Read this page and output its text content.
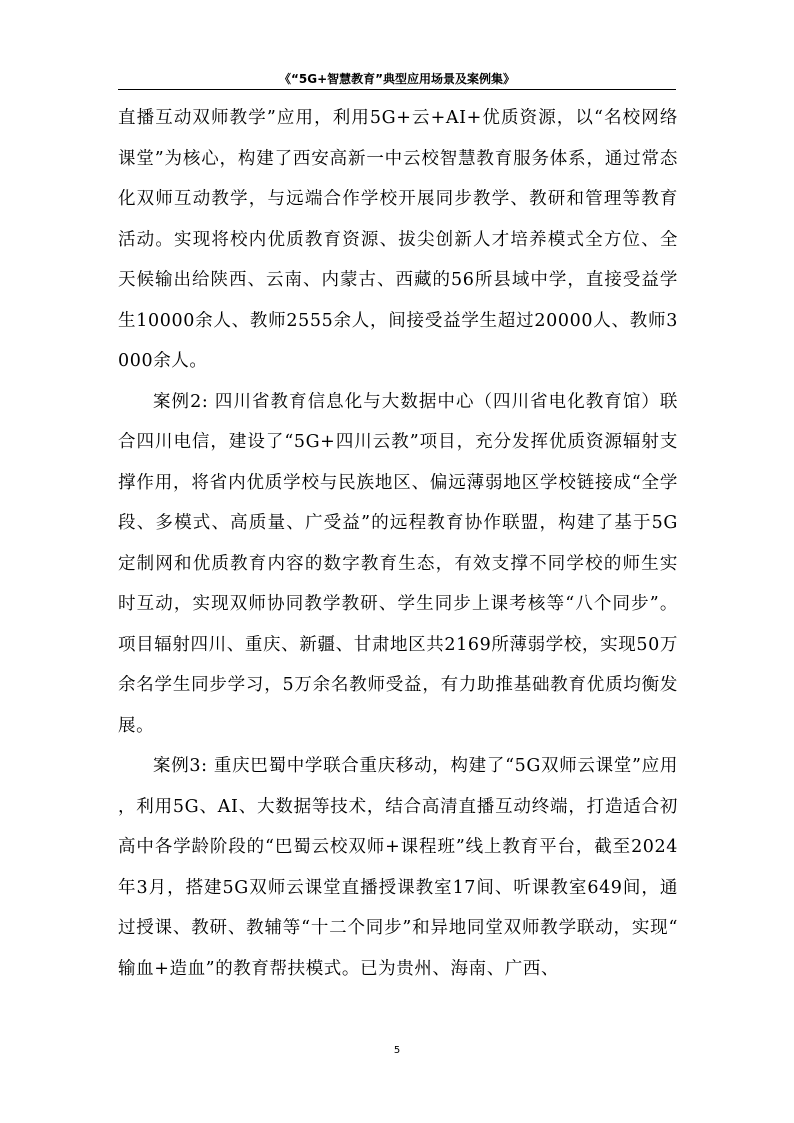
《“5G+智慧教育”典型应用场景及案例集》

直播互动双师教学”应用，利用5G+云+AI+优质资源，以“名校网络课堂”为核心，构建了西安高新一中云校智慧教育服务体系，通过常态化双师互动教学，与远端合作学校开展同步教学、教研和管理等教育活动。实现将校内优质教育资源、拔尖创新人才培养模式全方位、全天候输出给陕西、云南、内蒙古、西藏的56所县域中学，直接受益学生10000余人、教师2555余人，间接受益学生超过20000人、教师3000余人。

案例2: 四川省教育信息化与大数据中心（四川省电化教育馆）联合四川电信，建设了“5G+四川云教”项目，充分发挥优质资源辐射支撑作用，将省内优质学校与民族地区、偏远薄弱地区学校链接成“全学段、多模式、高质量、广受益”的远程教育协作联盟，构建了基于5G定制网和优质教育内容的数字教育生态，有效支撑不同学校的师生实时互动，实现双师协同教学教研、学生同步上课考核等“八个同步”。项目辐射四川、重庆、新疆、甘肃地区共2169所薄弱学校，实现50万余名学生同步学习，5万余名教师受益，有力助推基础教育优质均衡发展。

案例3: 重庆巴蜀中学联合重庆移动，构建了“5G双师云课堂”应用，利用5G、AI、大数据等技术，结合高清直播互动终端，打造适合初高中各学龄阶段的“巴蜀云校双师+课程班”线上教育平台，截至2024年3月，搭建5G双师云课堂直播授课教室17间、听课教室649间，通过授课、教研、教辅等“十二个同步”和异地同堂双师教学联动，实现“输血+造血”的教育帮扶模式。已为贵州、海南、广西、

5
